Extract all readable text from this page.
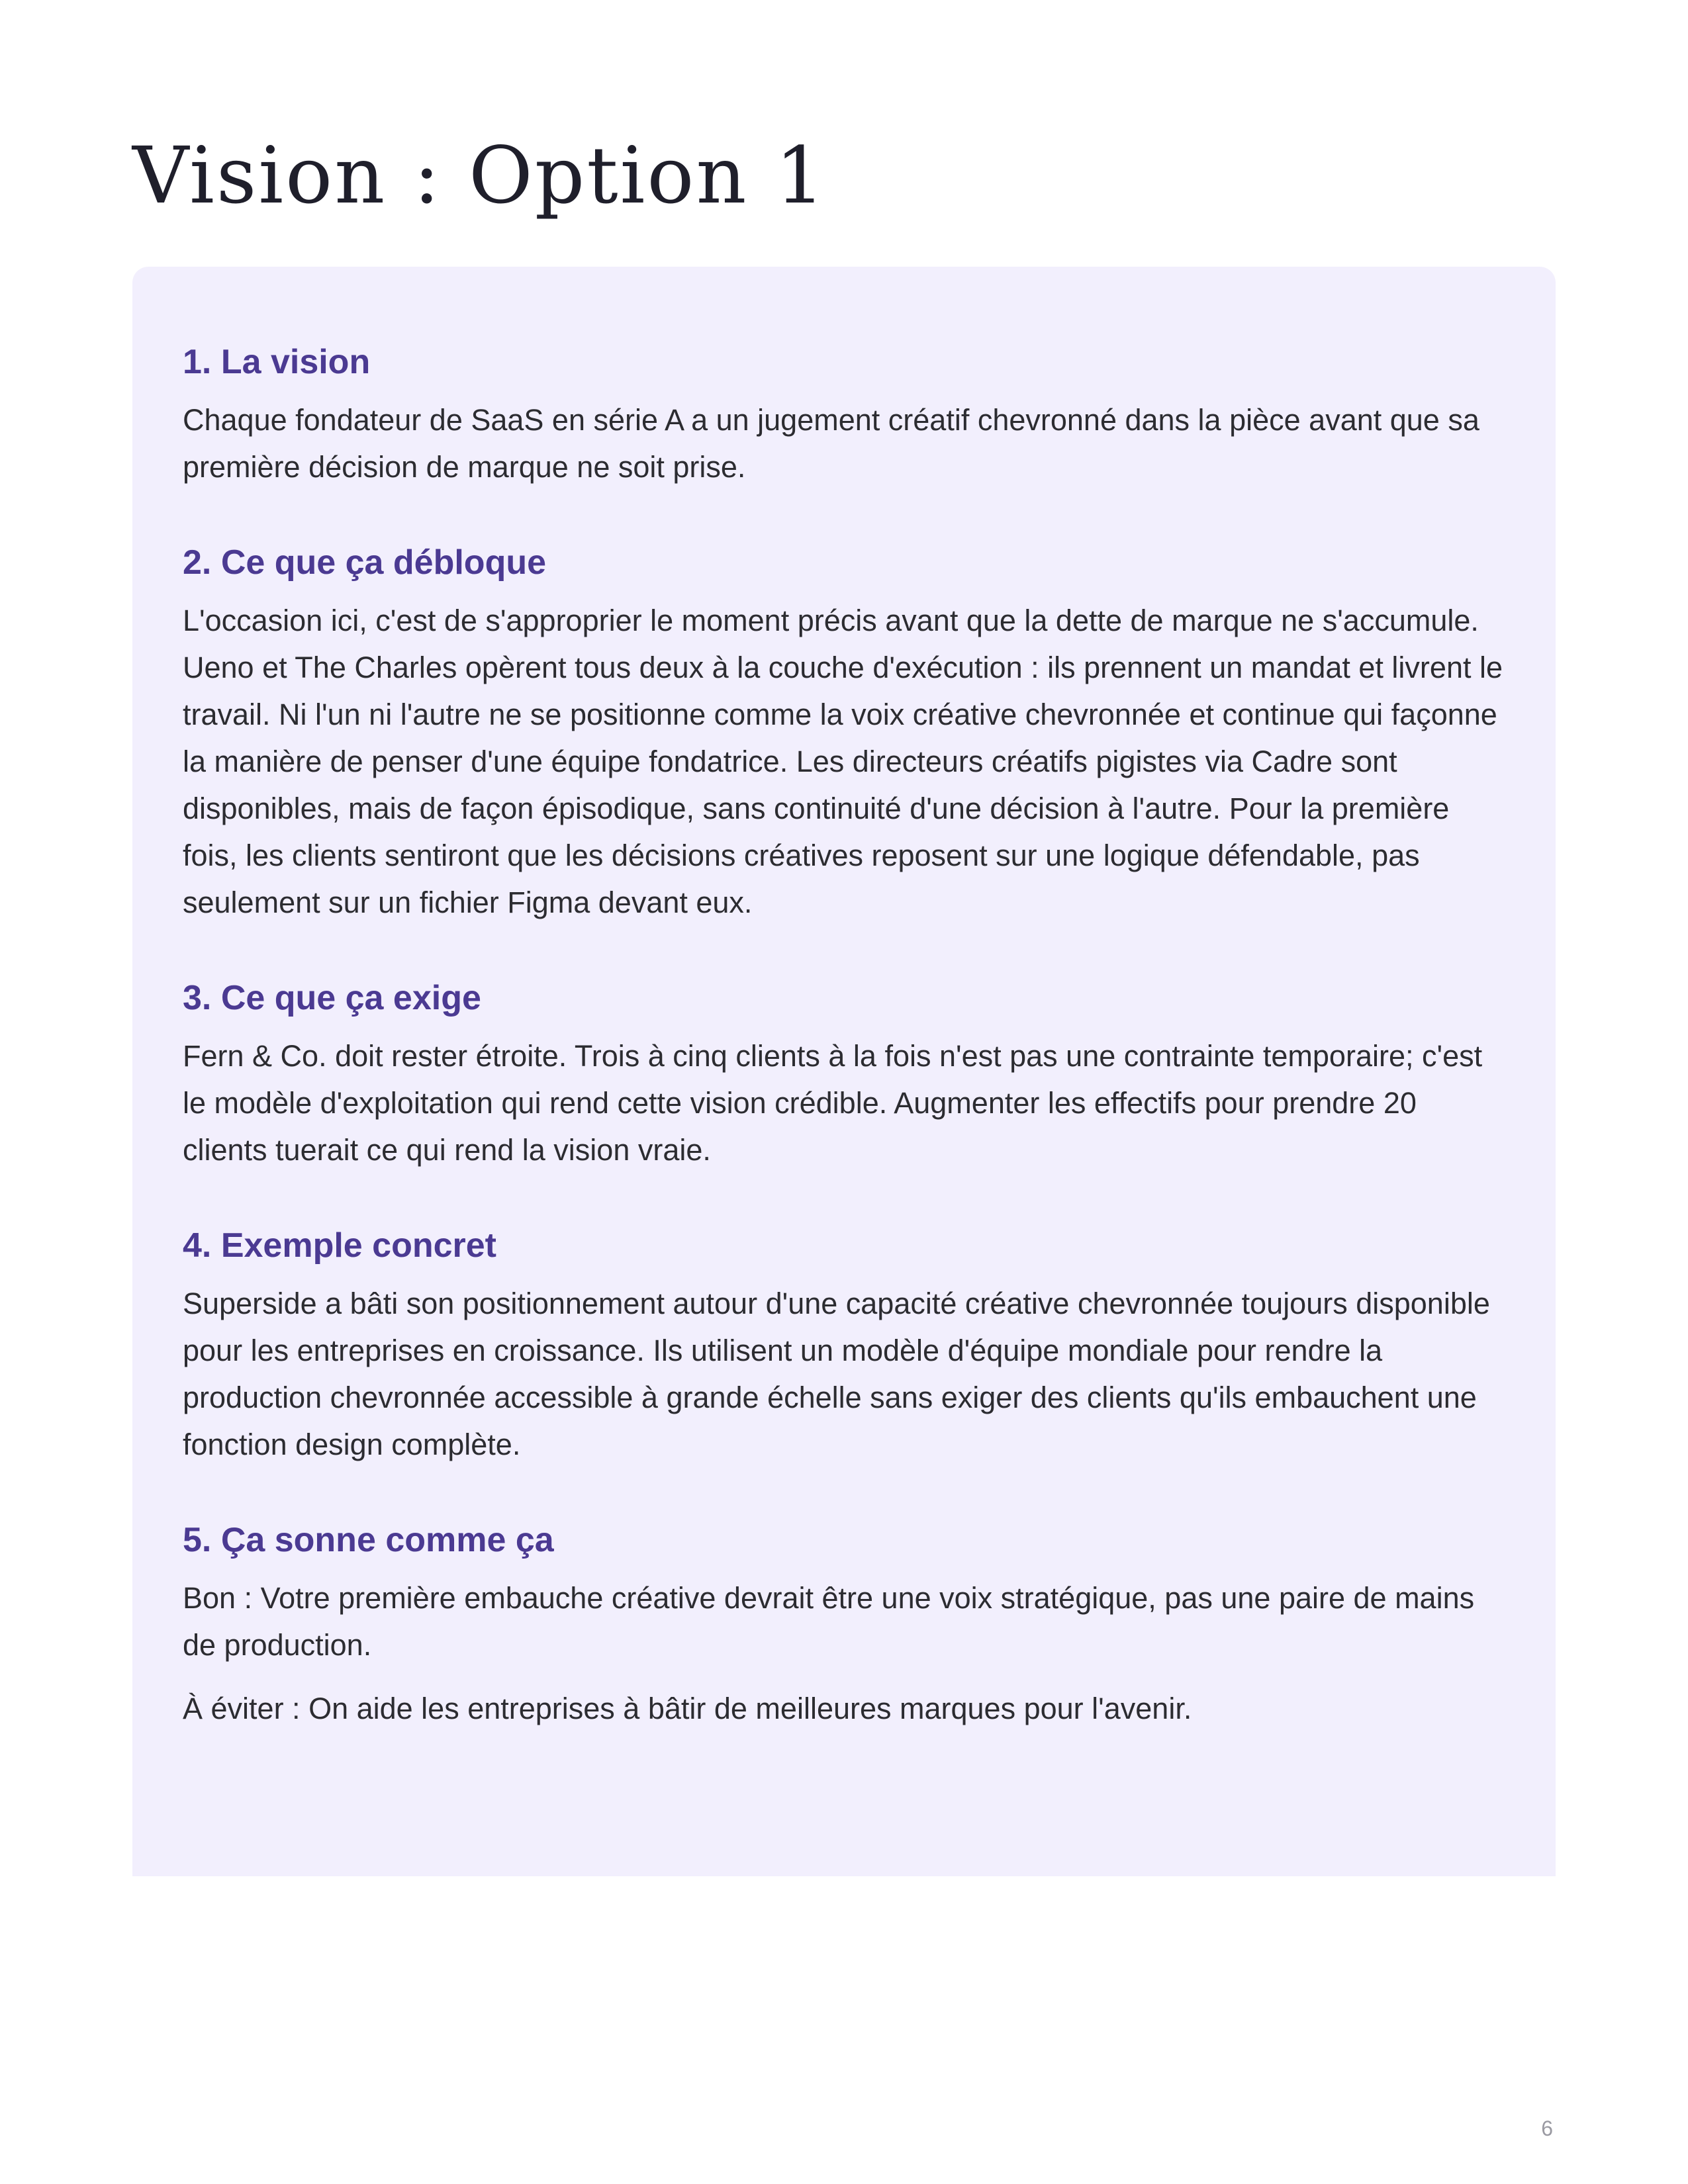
Vision : Option 1
1. La vision

Chaque fondateur de SaaS en série A a un jugement créatif chevronné dans la pièce avant que sa première décision de marque ne soit prise.

2. Ce que ça débloque

L'occasion ici, c'est de s'approprier le moment précis avant que la dette de marque ne s'accumule. Ueno et The Charles opèrent tous deux à la couche d'exécution : ils prennent un mandat et livrent le travail. Ni l'un ni l'autre ne se positionne comme la voix créative chevronnée et continue qui façonne la manière de penser d'une équipe fondatrice. Les directeurs créatifs pigistes via Cadre sont disponibles, mais de façon épisodique, sans continuité d'une décision à l'autre. Pour la première fois, les clients sentiront que les décisions créatives reposent sur une logique défendable, pas seulement sur un fichier Figma devant eux.

3. Ce que ça exige

Fern & Co. doit rester étroite. Trois à cinq clients à la fois n'est pas une contrainte temporaire; c'est le modèle d'exploitation qui rend cette vision crédible. Augmenter les effectifs pour prendre 20 clients tuerait ce qui rend la vision vraie.

4. Exemple concret

Superside a bâti son positionnement autour d'une capacité créative chevronnée toujours disponible pour les entreprises en croissance. Ils utilisent un modèle d'équipe mondiale pour rendre la production chevronnée accessible à grande échelle sans exiger des clients qu'ils embauchent une fonction design complète.

5. Ça sonne comme ça

Bon : Votre première embauche créative devrait être une voix stratégique, pas une paire de mains de production.

À éviter : On aide les entreprises à bâtir de meilleures marques pour l'avenir.

6
